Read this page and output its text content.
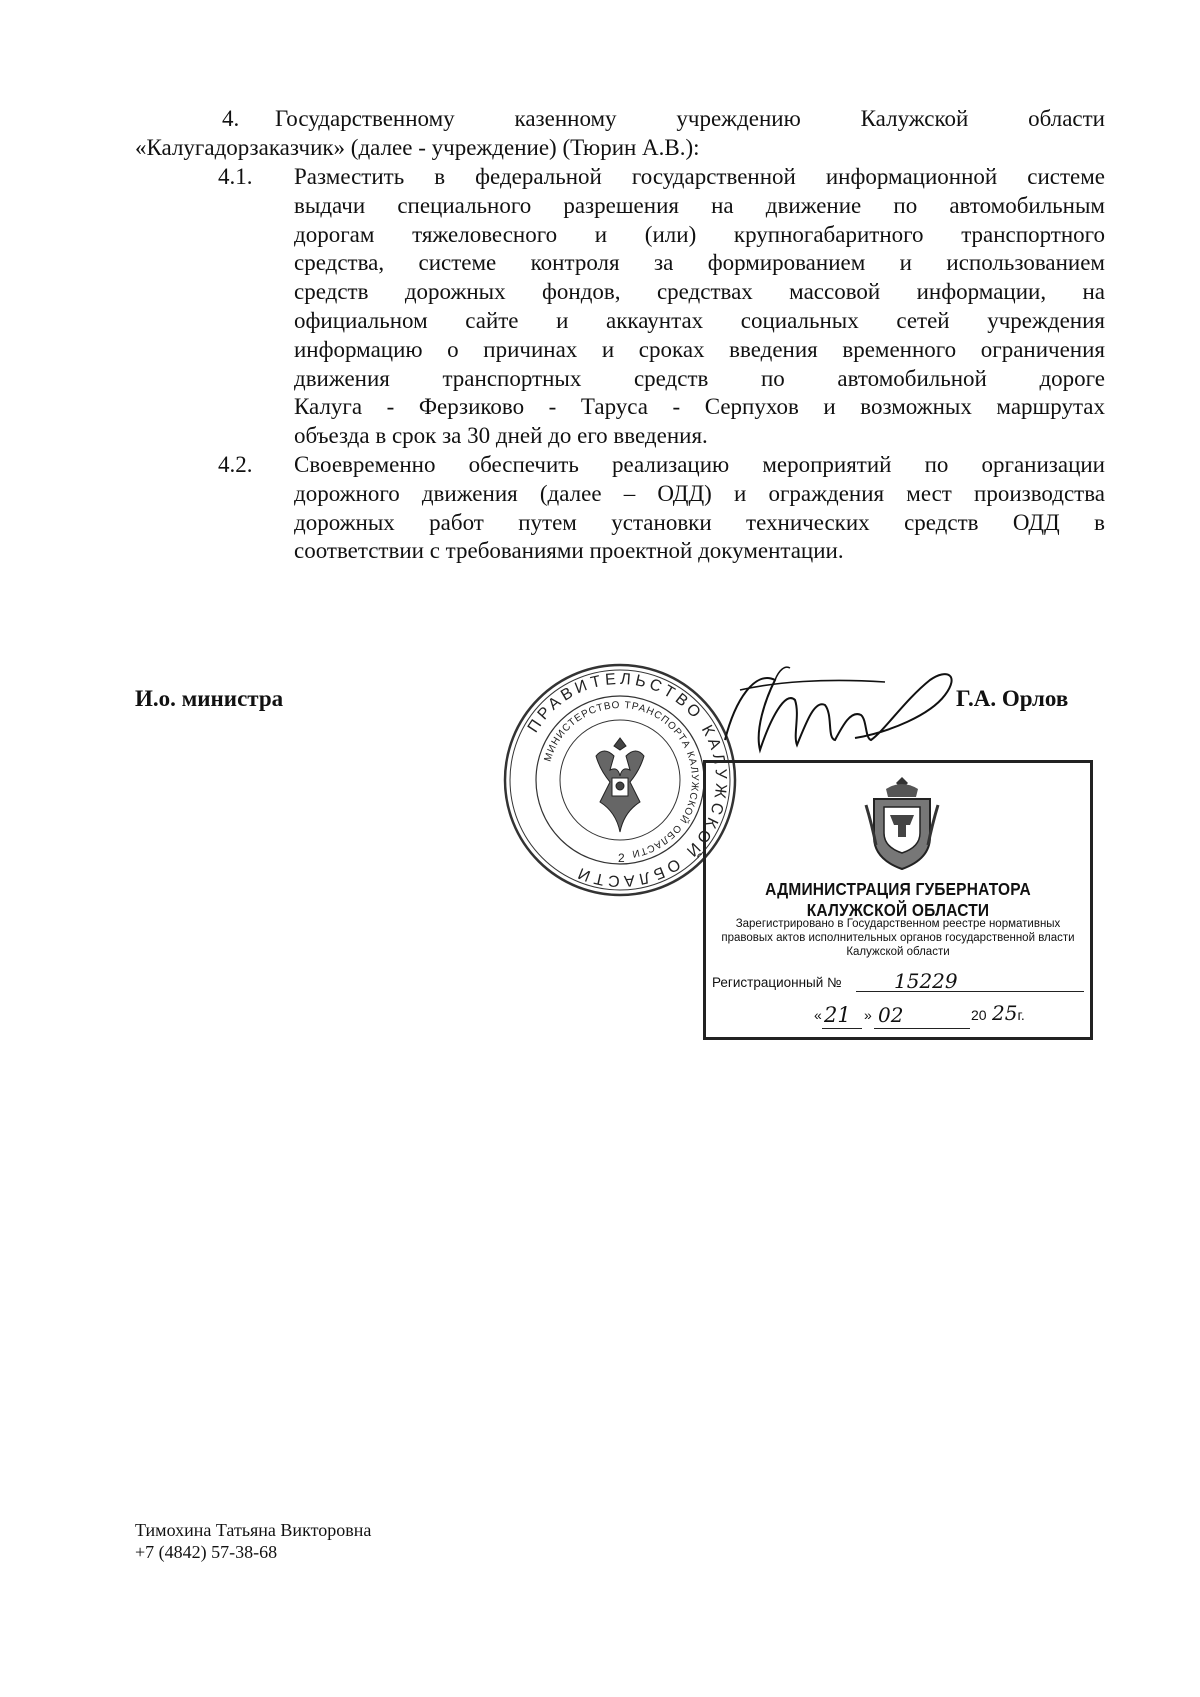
4. Государственному казенному учреждению Калужской области
«Калугадорзаказчик» (далее - учреждение) (Тюрин А.В.):
4.1. Разместить в федеральной государственной информационной системе
выдачи специального разрешения на движение по автомобильным
дорогам тяжеловесного и (или) крупногабаритного транспортного
средства, системе контроля за формированием и использованием
средств дорожных фондов, средствах массовой информации, на
официальном сайте и аккаунтах социальных сетей учреждения
информацию о причинах и сроках введения временного ограничения
движения транспортных средств по автомобильной дороге
Калуга - Ферзиково - Таруса - Серпухов и возможных маршрутах
объезда в срок за 30 дней до его введения.
4.2. Своевременно обеспечить реализацию мероприятий по организации
дорожного движения (далее – ОДД) и ограждения мест производства
дорожных работ путем установки технических средств ОДД в
соответствии с требованиями проектной документации.
И.о. министра	Г.А. Орлов
ПРАВИТЕЛЬСТВО КАЛУЖСКОЙ ОБЛАСТИ
МИНИСТЕРСТВО ТРАНСПОРТА КАЛУЖСКОЙ ОБЛАСТИ
2
АДМИНИСТРАЦИЯ ГУБЕРНАТОРА КАЛУЖСКОЙ ОБЛАСТИ
Зарегистрировано в Государственном реестре нормативных
правовых актов исполнительных органов государственной власти
Калужской области
Регистрационный №	15229
« 21 » 02	20 25г.
Тимохина Татьяна Викторовна
+7 (4842) 57-38-68
